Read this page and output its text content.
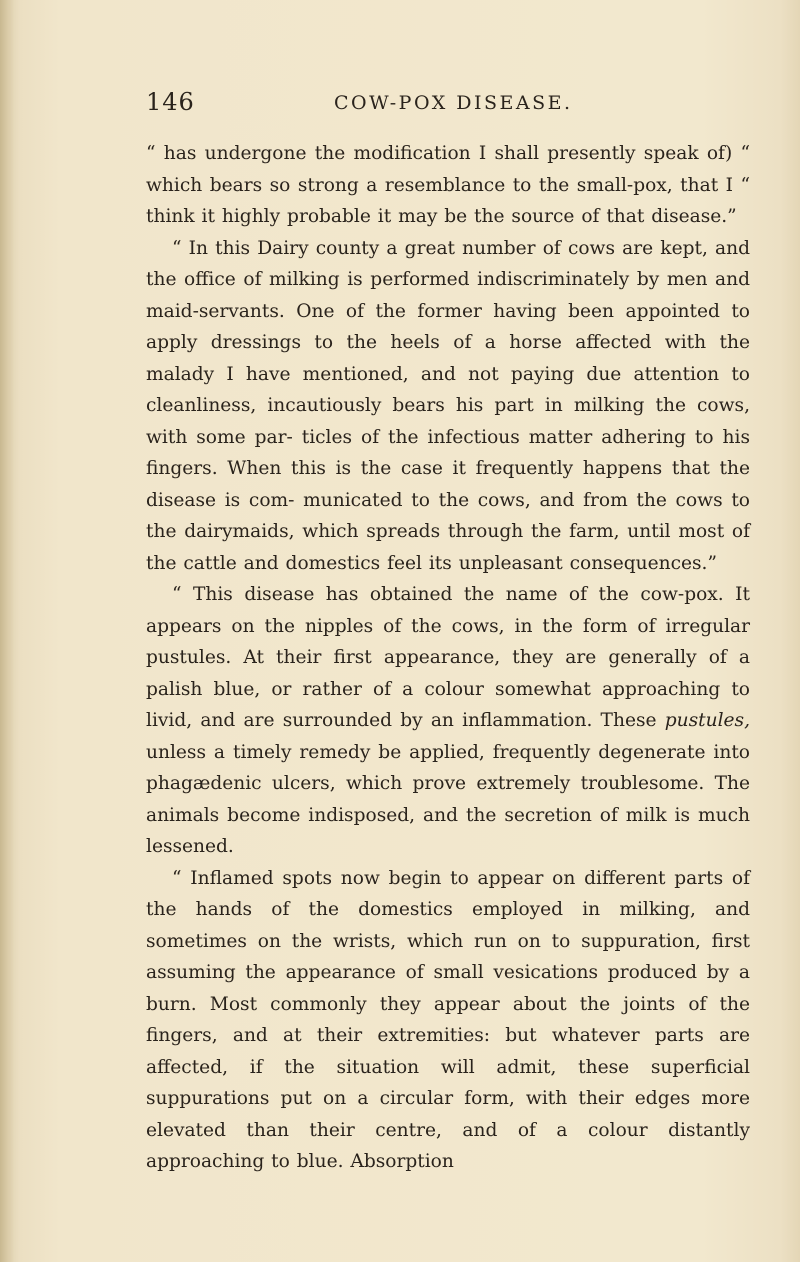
146	COW-POX DISEASE.

“ has undergone the modification I shall presently speak of) “ which bears so strong a resemblance to the small-pox, that I “ think it highly probable it may be the source of that disease.”

“ In this Dairy county a great number of cows are kept, and the office of milking is performed indiscriminately by men and maid-servants. One of the former having been appointed to apply dressings to the heels of a horse affected with the malady I have mentioned, and not paying due attention to cleanliness, incautiously bears his part in milking the cows, with some par- ticles of the infectious matter adhering to his fingers. When this is the case it frequently happens that the disease is com- municated to the cows, and from the cows to the dairymaids, which spreads through the farm, until most of the cattle and domestics feel its unpleasant consequences.”

“ This disease has obtained the name of the cow-pox. It appears on the nipples of the cows, in the form of irregular pustules. At their first appearance, they are generally of a palish blue, or rather of a colour somewhat approaching to livid, and are surrounded by an inflammation. These pustules, unless a timely remedy be applied, frequently degenerate into phagædenic ulcers, which prove extremely troublesome. The animals become indisposed, and the secretion of milk is much lessened.

“ Inflamed spots now begin to appear on different parts of the hands of the domestics employed in milking, and sometimes on the wrists, which run on to suppuration, first assuming the appearance of small vesications produced by a burn. Most commonly they appear about the joints of the fingers, and at their extremities: but whatever parts are affected, if the situation will admit, these superficial suppurations put on a circular form, with their edges more elevated than their centre, and of a colour distantly approaching to blue. Absorption
